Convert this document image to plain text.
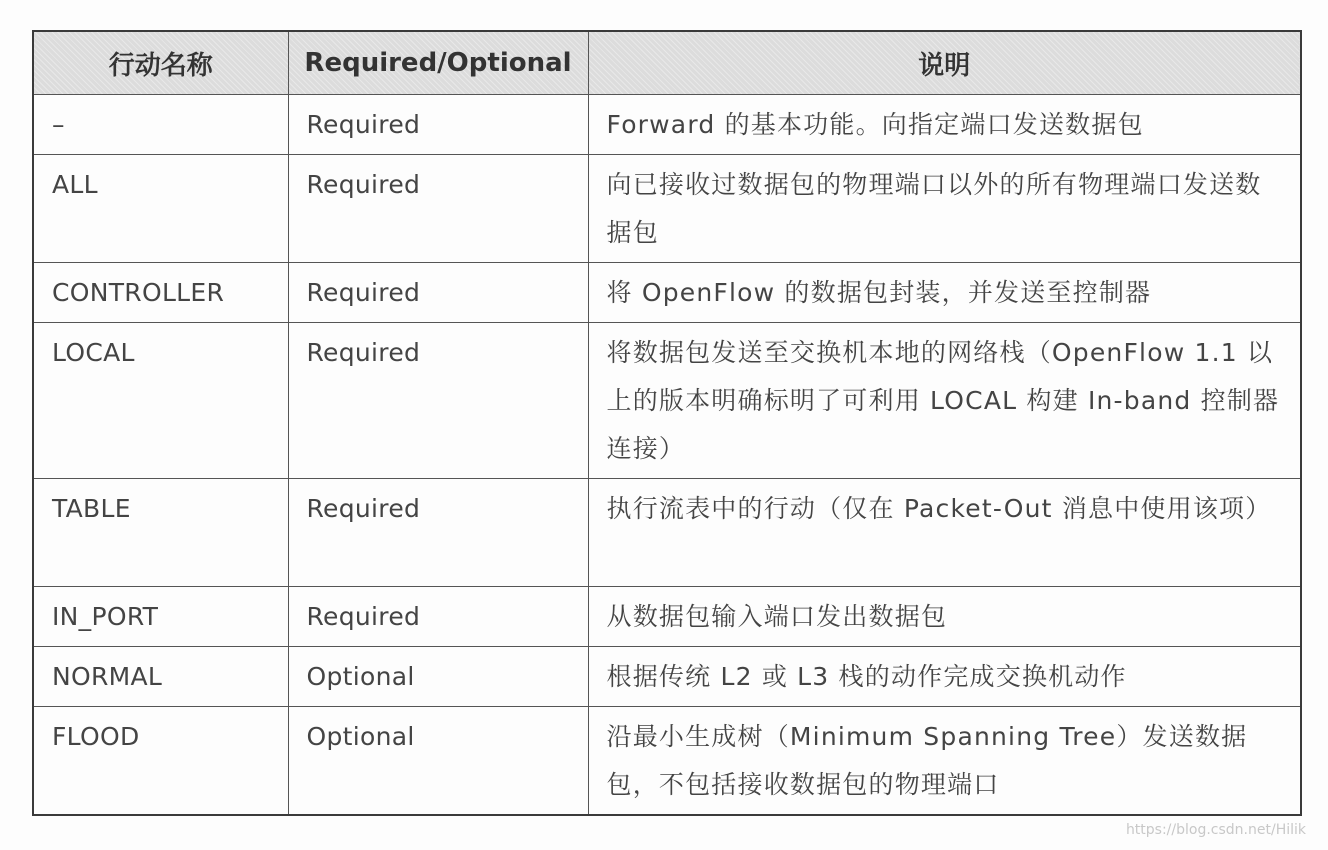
行动名称	Required/Optional	说明

–	Required	Forward 的基本功能。向指定端口发送数据包

ALL	Required	向已接收过数据包的物理端口以外的所有物理端口发送数据包

CONTROLLER	Required	将 OpenFlow 的数据包封装，并发送至控制器

LOCAL	Required	将数据包发送至交换机本地的网络栈（OpenFlow 1.1 以上的版本明确标明了可利用 LOCAL 构建 In-band 控制器连接）

TABLE	Required	执行流表中的行动（仅在 Packet-Out 消息中使用该项）

IN_PORT	Required	从数据包输入端口发出数据包

NORMAL	Optional	根据传统 L2 或 L3 栈的动作完成交换机动作

FLOOD	Optional	沿最小生成树（Minimum Spanning Tree）发送数据包，不包括接收数据包的物理端口
https://blog.csdn.net/Hilik
